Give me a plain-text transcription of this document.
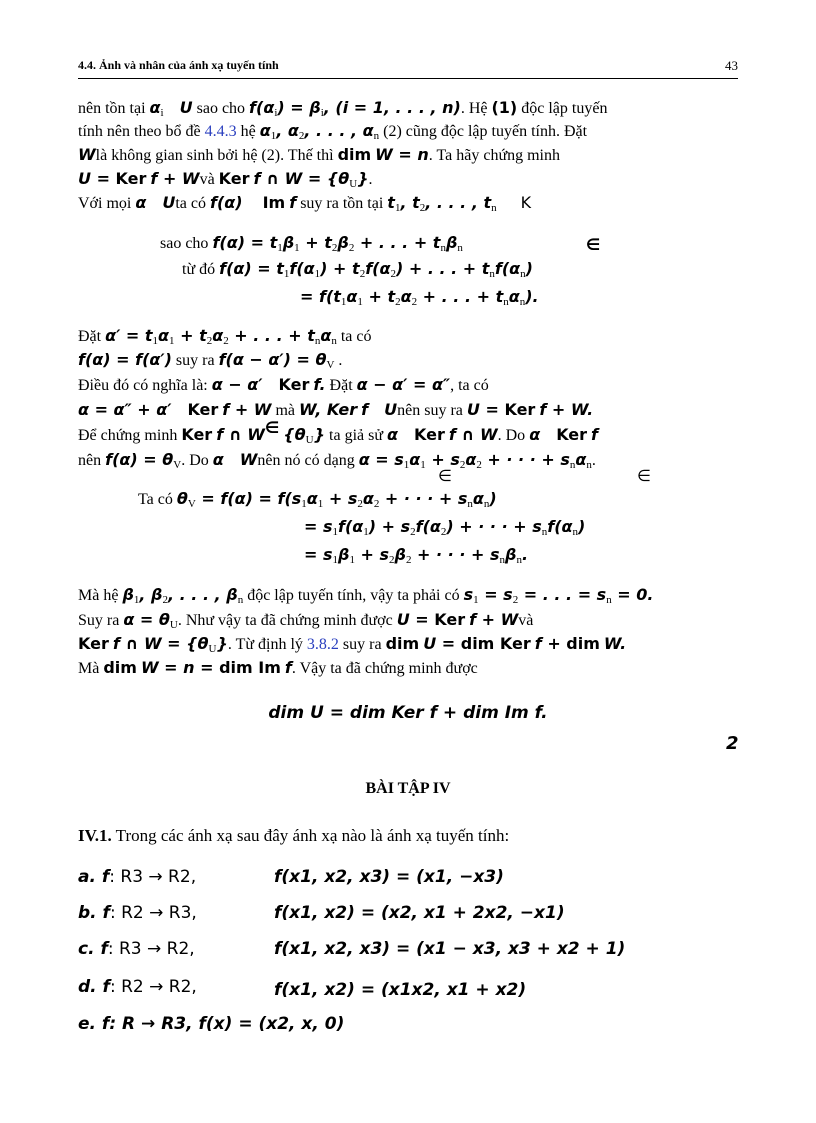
4.4. Ảnh và nhân của ánh xạ tuyến tính	43
nên tồn tại αi U sao cho f(αi) = βi, (i = 1, . . . , n). Hệ (1) độc lập tuyến
tính nên theo bổ đề 4.4.3 hệ α1, α2, . . . , αn (2) cũng độc lập tuyến tính. Đặt
Wlà không gian sinh bởi hệ (2). Thế thì dim W = n. Ta hãy chứng minh
U = Ker f + Wvà Ker f ∩ W = {θU}.
Với mọi α Uta có f(α) Im f suy ra tồn tại t1, t2, . . . , tn K
sao cho f(α) = t1β1 + t2β2 + . . . + tnβn	∈
từ đó f(α) = t1f(α1) + t2f(α2) + . . . + tnf(αn)
= f(t1α1 + t2α2 + . . . + tnαn).
Đặt α′ = t1α1 + t2α2 + . . . + tnαn ta có
f(α) = f(α′) suy ra f(α − α′) = θV .
Điều đó có nghĩa là: α − α′ Ker f. Đặt α − α′ = α″, ta có
α = α″ + α′ Ker f + W mà W, Ker f Unên suy ra U = Ker f + W.
Để chứng minh Ker f ∩ W∈ {θU} ta giả sử α Ker f ∩ W. Do α Ker f
nên f(α) = θV. Do α Wnên nó có dạng α = s1α1 + s2α2 + · · · + snαn.
∈	∈
Ta có θV = f(α) = f(s1α1 + s2α2 + · · · + snαn)
= s1f(α1) + s2f(α2) + · · · + snf(αn)
= s1β1 + s2β2 + · · · + snβn.
Mà hệ β1, β2, . . . , βn độc lập tuyến tính, vậy ta phải có s1 = s2 = . . . = sn = 0.
Suy ra α = θU. Như vậy ta đã chứng minh được U = Ker f + Wvà
Ker f ∩ W = {θU}. Từ định lý 3.8.2 suy ra dim U = dim Ker f + dim W.
Mà dim W = n = dim Im f. Vậy ta đã chứng minh được
dim U = dim Ker f + dim Im f.
2
BÀI TẬP IV
IV.1. Trong các ánh xạ sau đây ánh xạ nào là ánh xạ tuyến tính:
a. f: R3 → R2,	f(x1, x2, x3) = (x1, −x3)
b. f: R2 → R3,	f(x1, x2) = (x2, x1 + 2x2, −x1)
c. f: R3 → R2,	f(x1, x2, x3) = (x1 − x3, x3 + x2 + 1)
d. f: R2 → R2,	f(x1, x2) = (x1x2, x1 + x2)
e. f: R → R3, f(x) = (x2, x, 0)
